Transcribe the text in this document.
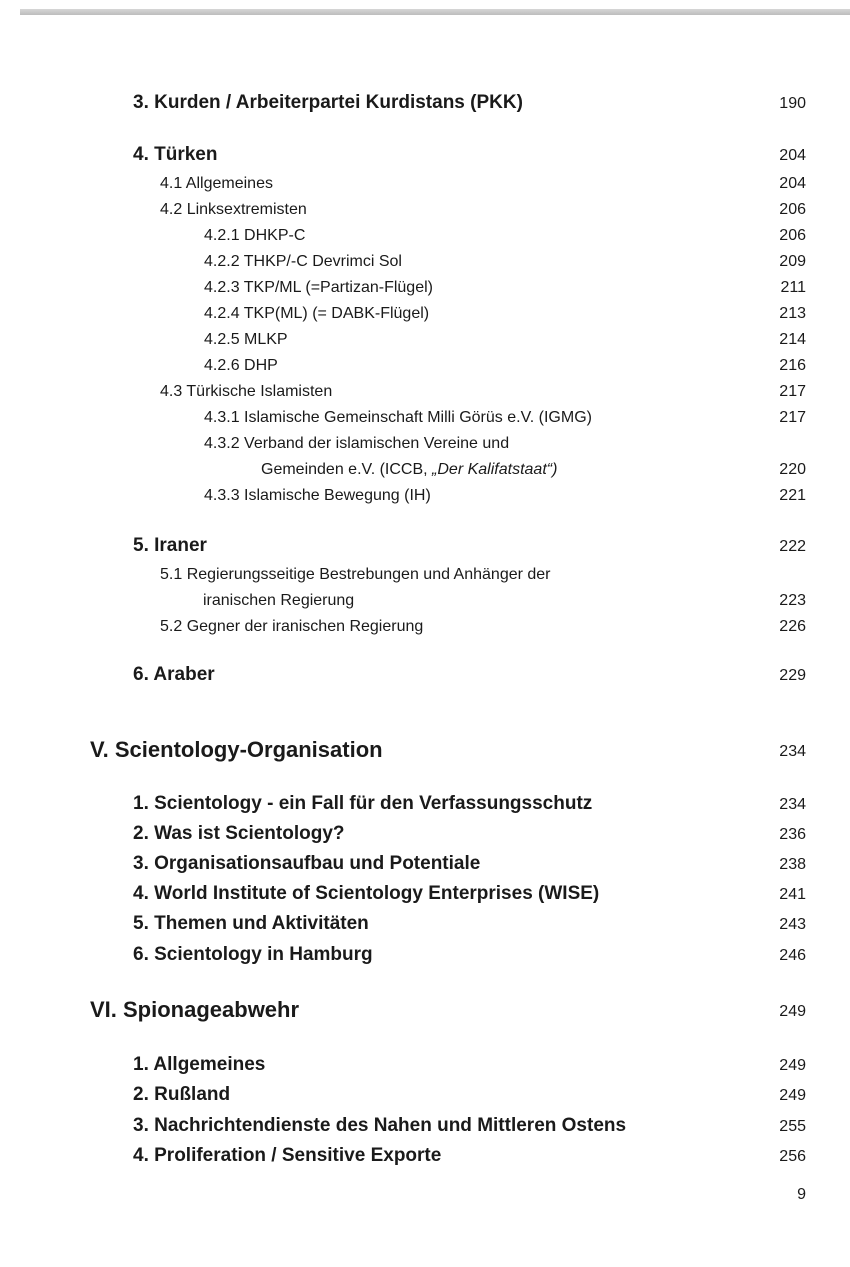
3. Kurden / Arbeiterpartei Kurdistans (PKK)	190
4. Türken	204
4.1 Allgemeines	204
4.2 Linksextremisten	206
4.2.1 DHKP-C	206
4.2.2 THKP/-C Devrimci Sol	209
4.2.3 TKP/ML (=Partizan-Flügel)	211
4.2.4 TKP(ML) (= DABK-Flügel)	213
4.2.5 MLKP	214
4.2.6 DHP	216
4.3 Türkische Islamisten	217
4.3.1 Islamische Gemeinschaft Milli Görüs e.V. (IGMG)	217
4.3.2 Verband der islamischen Vereine und
Gemeinden e.V. (ICCB, „Der Kalifatstaat“)	220
4.3.3 Islamische Bewegung (IH)	221
5. Iraner	222
5.1 Regierungsseitige Bestrebungen und Anhänger der
iranischen Regierung	223
5.2 Gegner der iranischen Regierung	226
6. Araber	229
V. Scientology-Organisation	234
1. Scientology - ein Fall für den Verfassungsschutz	234
2. Was ist Scientology?	236
3. Organisationsaufbau und Potentiale	238
4. World Institute of Scientology Enterprises (WISE)	241
5. Themen und Aktivitäten	243
6. Scientology in Hamburg	246
VI. Spionageabwehr	249
1. Allgemeines	249
2. Rußland	249
3. Nachrichtendienste des Nahen und Mittleren Ostens	255
4. Proliferation / Sensitive Exporte	256
9
